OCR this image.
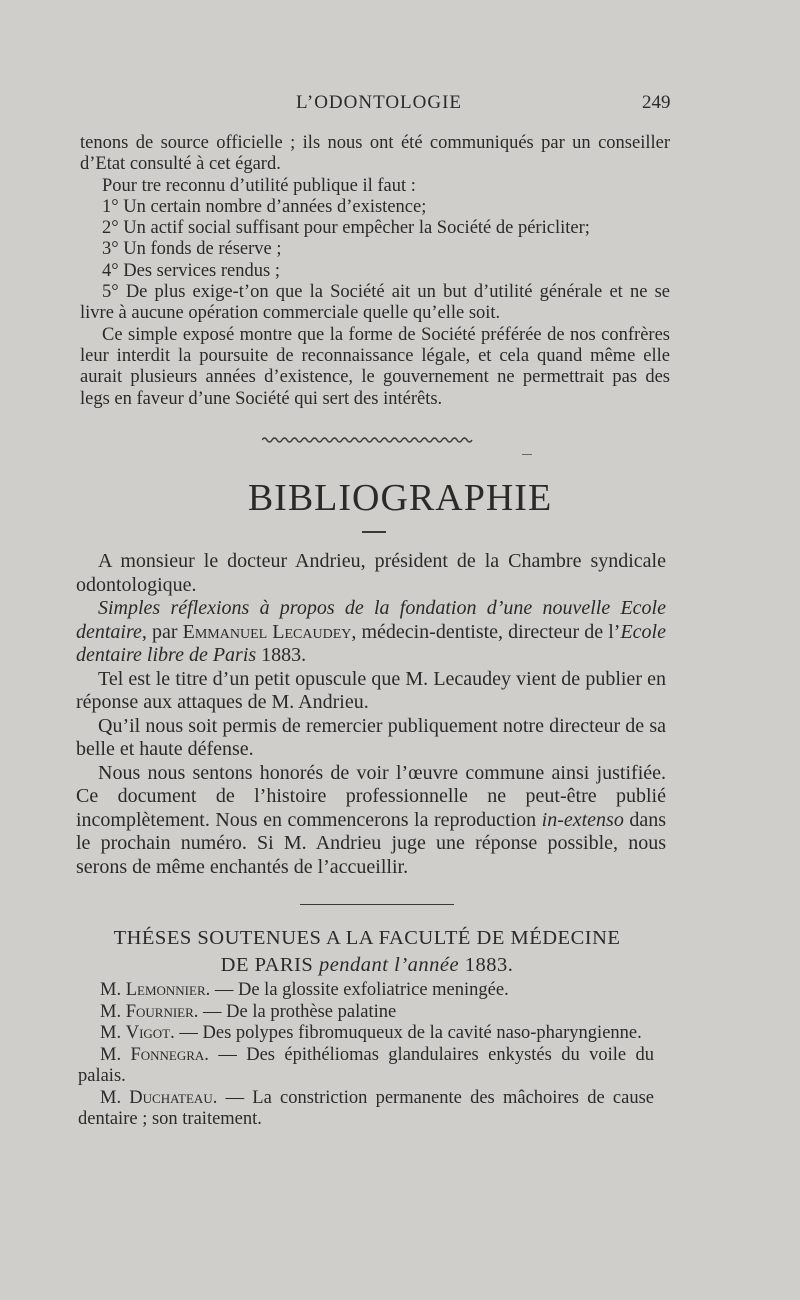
L’ODONTOLOGIE	249

tenons de source officielle ; ils nous ont été communiqués par un conseiller d’Etat consulté à cet égard.

Pour tre reconnu d’utilité publique il faut :

1° Un certain nombre d’années d’existence;

2° Un actif social suffisant pour empêcher la Société de péricliter;

3° Un fonds de réserve ;

4° Des services rendus ;

5° De plus exige-t’on que la Société ait un but d’utilité générale et ne se livre à aucune opération commerciale quelle qu’elle soit.

Ce simple exposé montre que la forme de Société préférée de nos confrères leur interdit la poursuite de reconnaissance légale, et cela quand même elle aurait plusieurs années d’existence, le gouvernement ne permettrait pas des legs en faveur d’une Société qui sert des intérêts.

BIBLIOGRAPHIE

A monsieur le docteur Andrieu, président de la Chambre syndicale odontologique.

Simples réflexions à propos de la fondation d’une nouvelle Ecole dentaire, par Emmanuel Lecaudey, médecin-dentiste, directeur de l’Ecole dentaire libre de Paris 1883.

Tel est le titre d’un petit opuscule que M. Lecaudey vient de publier en réponse aux attaques de M. Andrieu.

Qu’il nous soit permis de remercier publiquement notre directeur de sa belle et haute défense.

Nous nous sentons honorés de voir l’œuvre commune ainsi justifiée. Ce document de l’histoire professionnelle ne peut-être publié incomplètement. Nous en commencerons la reproduction in-extenso dans le prochain numéro. Si M. Andrieu juge une réponse possible, nous serons de même enchantés de l’accueillir.

THÉSES SOUTENUES A LA FACULTÉ DE MÉDECINE
DE PARIS pendant l’année 1883.

M. Lemonnier. — De la glossite exfoliatrice meningée.

M. Fournier. — De la prothèse palatine

M. Vigot. — Des polypes fibromuqueux de la cavité naso-pharyngienne.

M. Fonnegra. — Des épithéliomas glandulaires enkystés du voile du palais.

M. Duchateau. — La constriction permanente des mâchoires de cause dentaire ; son traitement.
